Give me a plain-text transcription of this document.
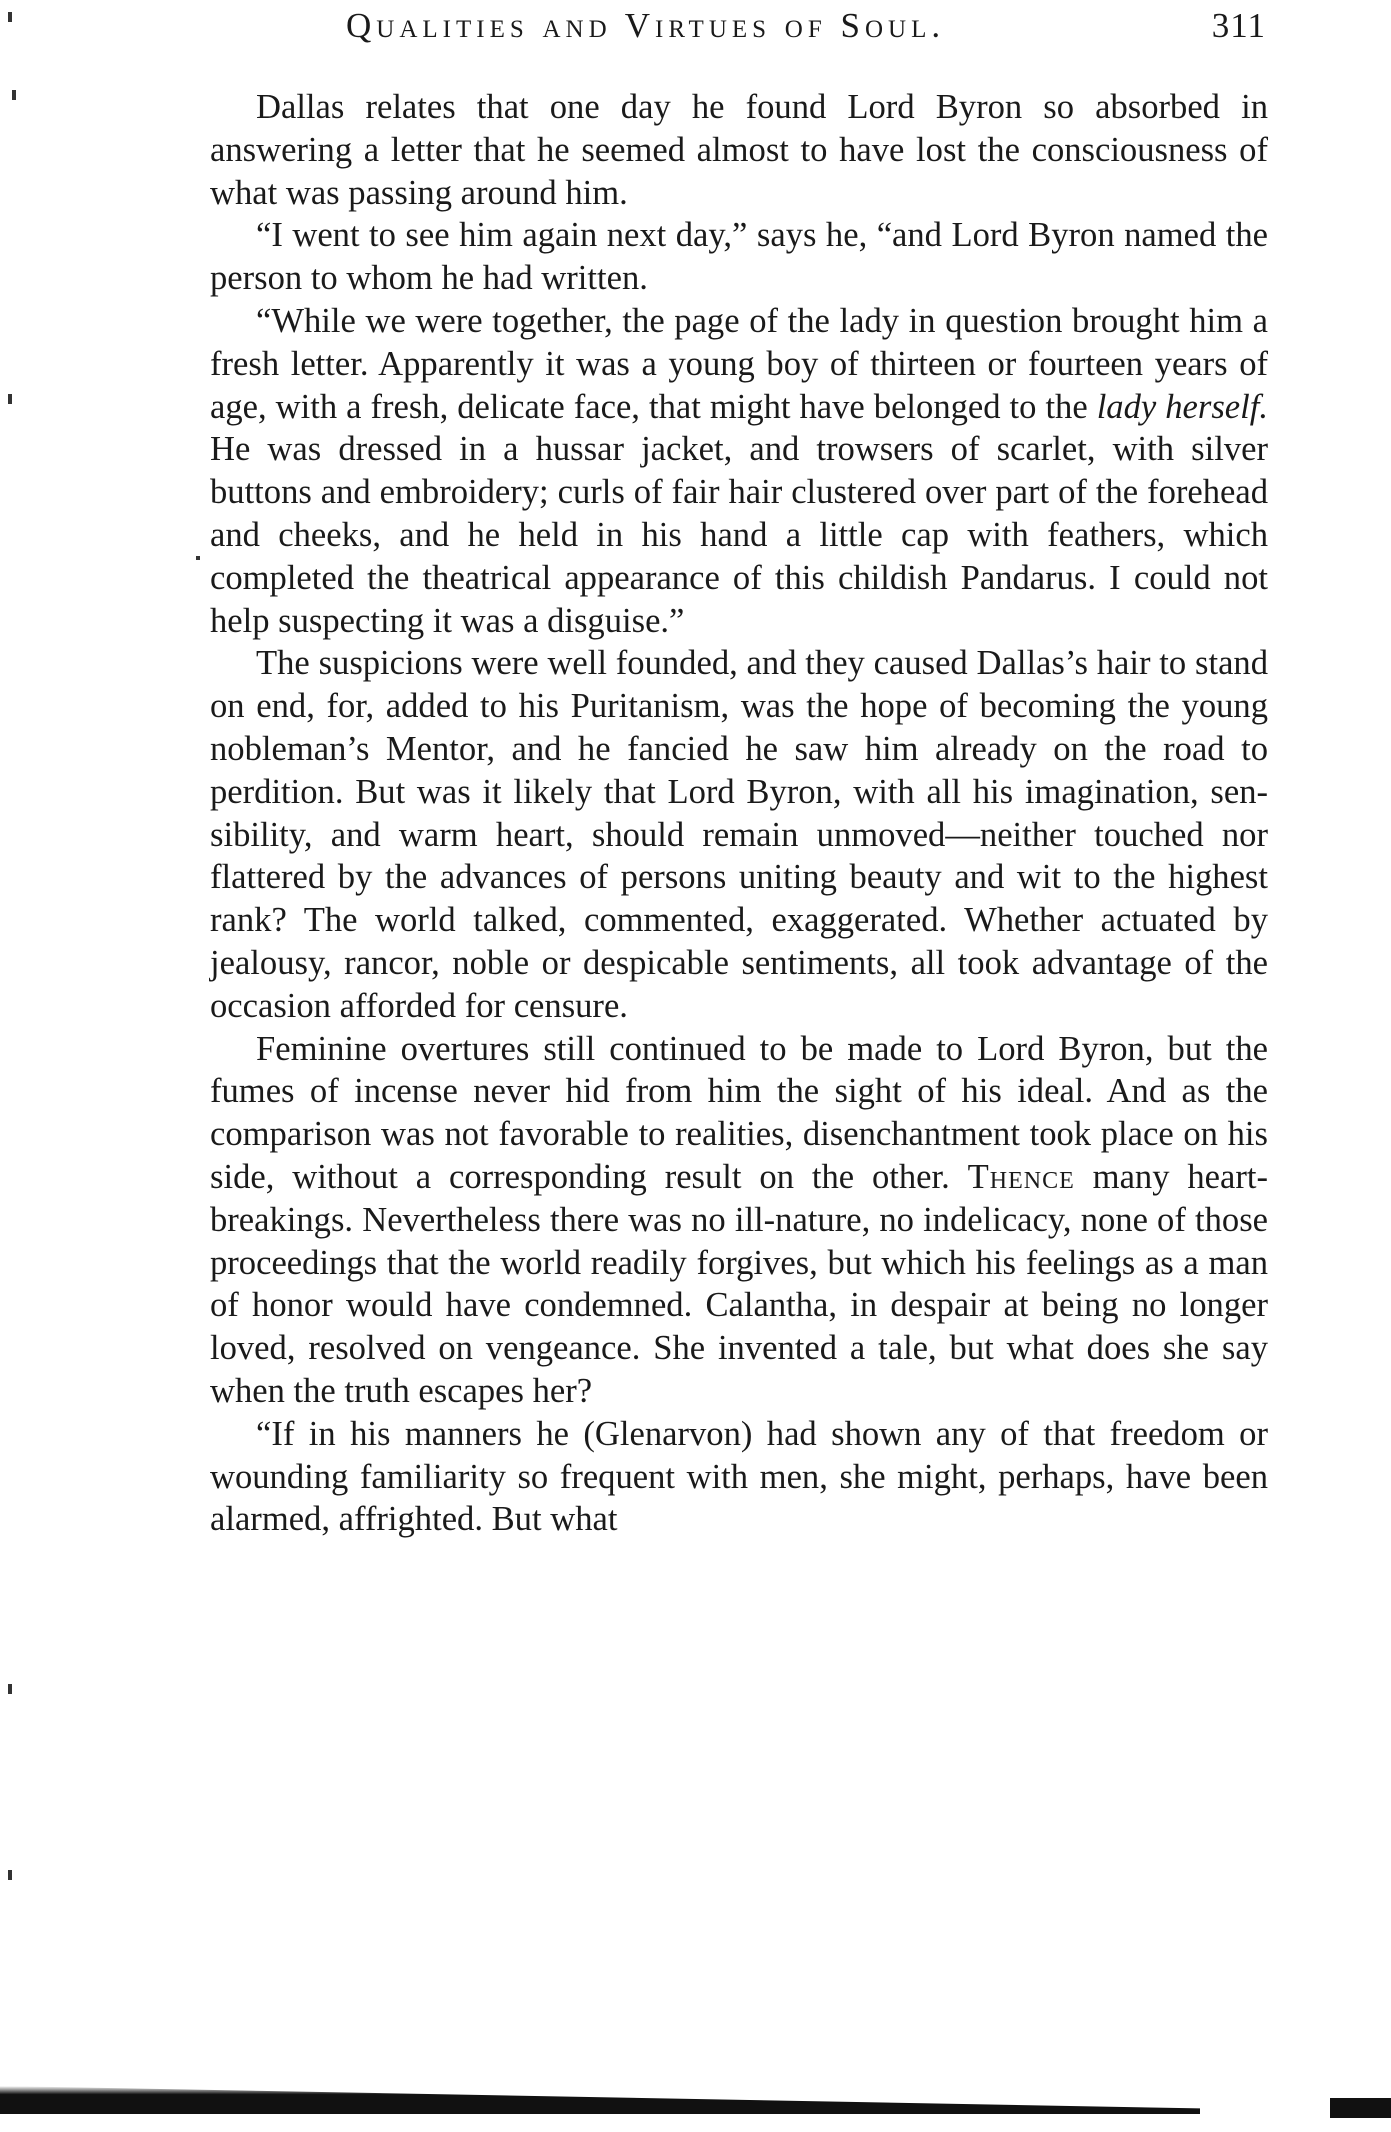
Qualities and Virtues of Soul.	311

Dallas relates that one day he found Lord Byron so absorbed in answering a letter that he seemed almost to have lost the consciousness of what was passing around him.

“I went to see him again next day,” says he, “and Lord Byron named the person to whom he had written.

“While we were together, the page of the lady in question brought him a fresh letter. Apparently it was a young boy of thirteen or fourteen years of age, with a fresh, delicate face, that might have belonged to the lady herself. He was dressed in a hussar jacket, and trowsers of scarlet, with silver buttons and embroidery; curls of fair hair clustered over part of the forehead and cheeks, and he held in his hand a little cap with feathers, which completed the theatrical appearance of this childish Pandarus. I could not help suspecting it was a disguise.”

The suspicions were well founded, and they caused Dallas’s hair to stand on end, for, added to his Puritanism, was the hope of becoming the young nobleman’s Mentor, and he fancied he saw him already on the road to perdition. But was it likely that Lord Byron, with all his imagination, sensibility, and warm heart, should remain unmoved—neither touched nor flattered by the advances of persons uniting beauty and wit to the highest rank? The world talked, commented, exaggerated. Whether actuated by jealousy, rancor, noble or despicable sentiments, all took advantage of the occasion afforded for censure.

Feminine overtures still continued to be made to Lord Byron, but the fumes of incense never hid from him the sight of his ideal. And as the comparison was not favorable to realities, disenchantment took place on his side, without a corresponding result on the other. Thence many heart-breakings. Nevertheless there was no ill-nature, no indelicacy, none of those proceedings that the world readily forgives, but which his feelings as a man of honor would have condemned. Calantha, in despair at being no longer loved, resolved on vengeance. She invented a tale, but what does she say when the truth escapes her?

“If in his manners he (Glenarvon) had shown any of that freedom or wounding familiarity so frequent with men, she might, perhaps, have been alarmed, affrighted. But what
